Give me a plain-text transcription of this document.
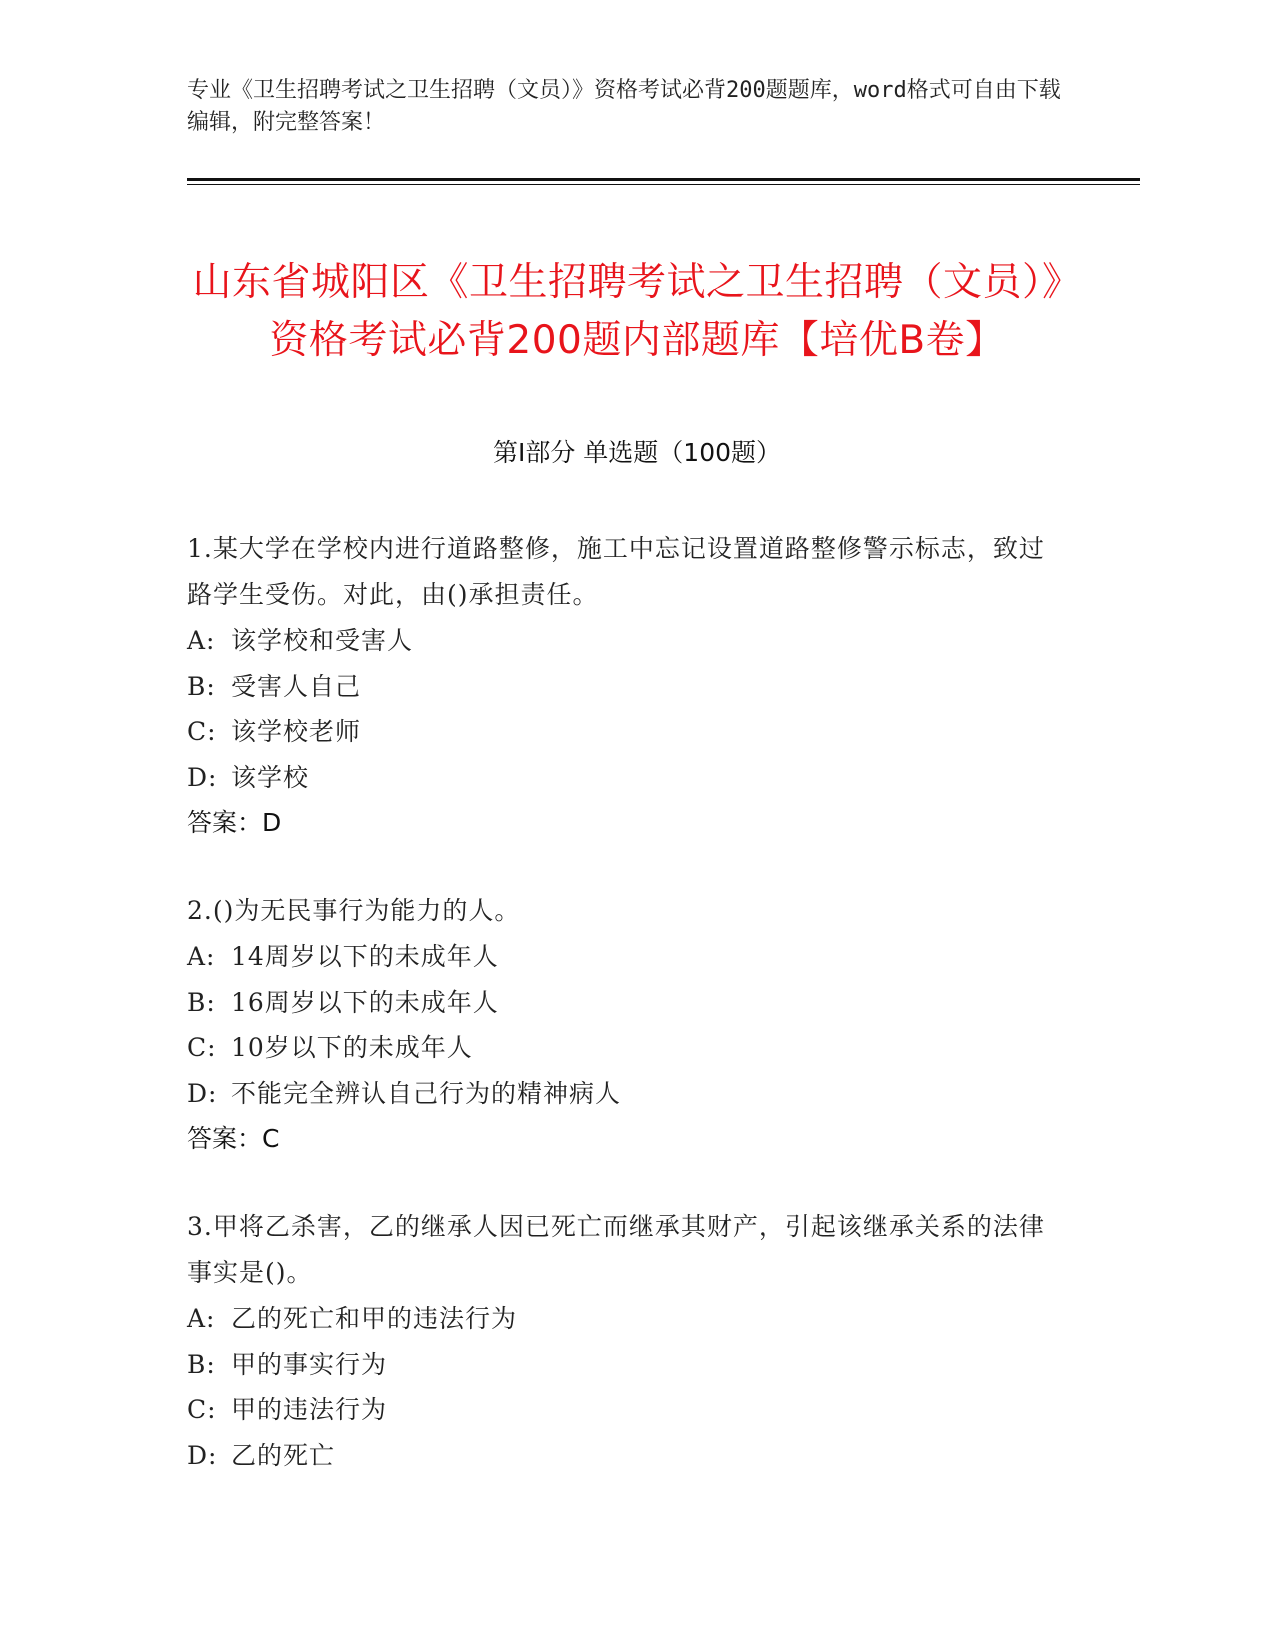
专业《卫生招聘考试之卫生招聘（文员）》资格考试必背200题题库，word格式可自由下载编辑，附完整答案！
山东省城阳区《卫生招聘考试之卫生招聘（文员）》资格考试必背200题内部题库【培优B卷】
第I部分 单选题（100题）
1.某大学在学校内进行道路整修，施工中忘记设置道路整修警示标志，致过路学生受伤。对此，由()承担责任。
A: 该学校和受害人
B: 受害人自己
C: 该学校老师
D: 该学校
答案：D
2.()为无民事行为能力的人。
A: 14周岁以下的未成年人
B: 16周岁以下的未成年人
C: 10岁以下的未成年人
D: 不能完全辨认自己行为的精神病人
答案：C
3.甲将乙杀害，乙的继承人因已死亡而继承其财产，引起该继承关系的法律事实是()。
A: 乙的死亡和甲的违法行为
B: 甲的事实行为
C: 甲的违法行为
D: 乙的死亡
